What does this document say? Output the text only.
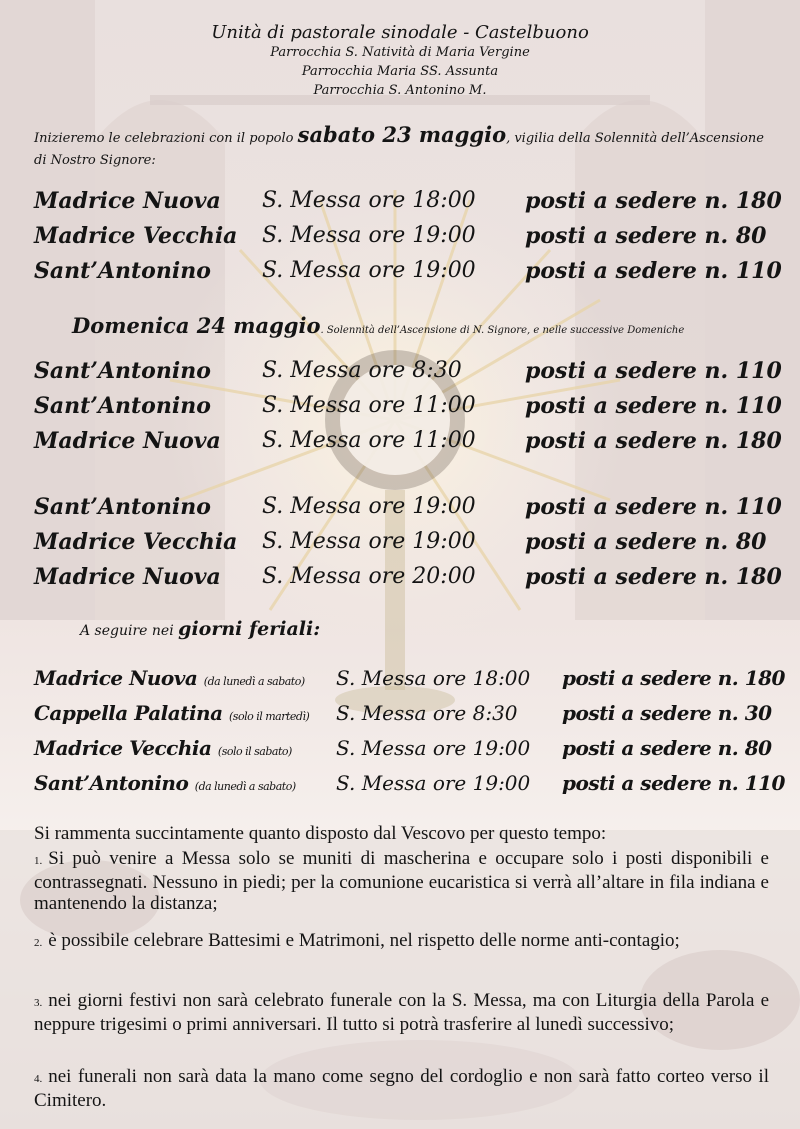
Unità di pastorale sinodale - Castelbuono
Parrocchia S. Natività di Maria Vergine
Parrocchia Maria SS. Assunta
Parrocchia S. Antonino M.
Inizieremo le celebrazioni con il popolo sabato 23 maggio, vigilia della Solennità dell’Ascensione di Nostro Signore:
Madrice Nuova S. Messa ore 18:00 posti a sedere n. 180
Madrice Vecchia S. Messa ore 19:00 posti a sedere n. 80
Sant’Antonino S. Messa ore 19:00 posti a sedere n. 110
Domenica 24 maggio. Solennità dell’Ascensione di N. Signore, e nelle successive Domeniche
Sant’Antonino S. Messa ore 8:30	posti a sedere n. 110
Sant’Antonino S. Messa ore 11:00 posti a sedere n. 110
Madrice Nuova S. Messa ore 11:00 posti a sedere n. 180
Sant’Antonino S. Messa ore 19:00 posti a sedere n. 110
Madrice Vecchia S. Messa ore 19:00 posti a sedere n. 80
Madrice Nuova S. Messa ore 20:00 posti a sedere n. 180
A seguire nei giorni feriali:
Madrice Nuova (da lunedì a sabato) S. Messa ore 18:00 posti a sedere n. 180
Cappella Palatina (solo il martedì) S. Messa ore 8:30 posti a sedere n. 30
Madrice Vecchia (solo il sabato) S. Messa ore 19:00 posti a sedere n. 80
Sant’Antonino (da lunedì a sabato) S. Messa ore 19:00 posti a sedere n. 110
Si rammenta succintamente quanto disposto dal Vescovo per questo tempo:
1. Si può venire a Messa solo se muniti di mascherina e occupare solo i posti disponibili e contrassegnati. Nessuno in piedi; per la comunione eucaristica si verrà all’altare in fila indiana e mantenendo la distanza;
2. è possibile celebrare Battesimi e Matrimoni, nel rispetto delle norme anti-contagio;
3. nei giorni festivi non sarà celebrato funerale con la S. Messa, ma con Liturgia della Parola e neppure trigesimi o primi anniversari. Il tutto si potrà trasferire al lunedì successivo;
4. nei funerali non sarà data la mano come segno del cordoglio e non sarà fatto corteo verso il Cimitero.
